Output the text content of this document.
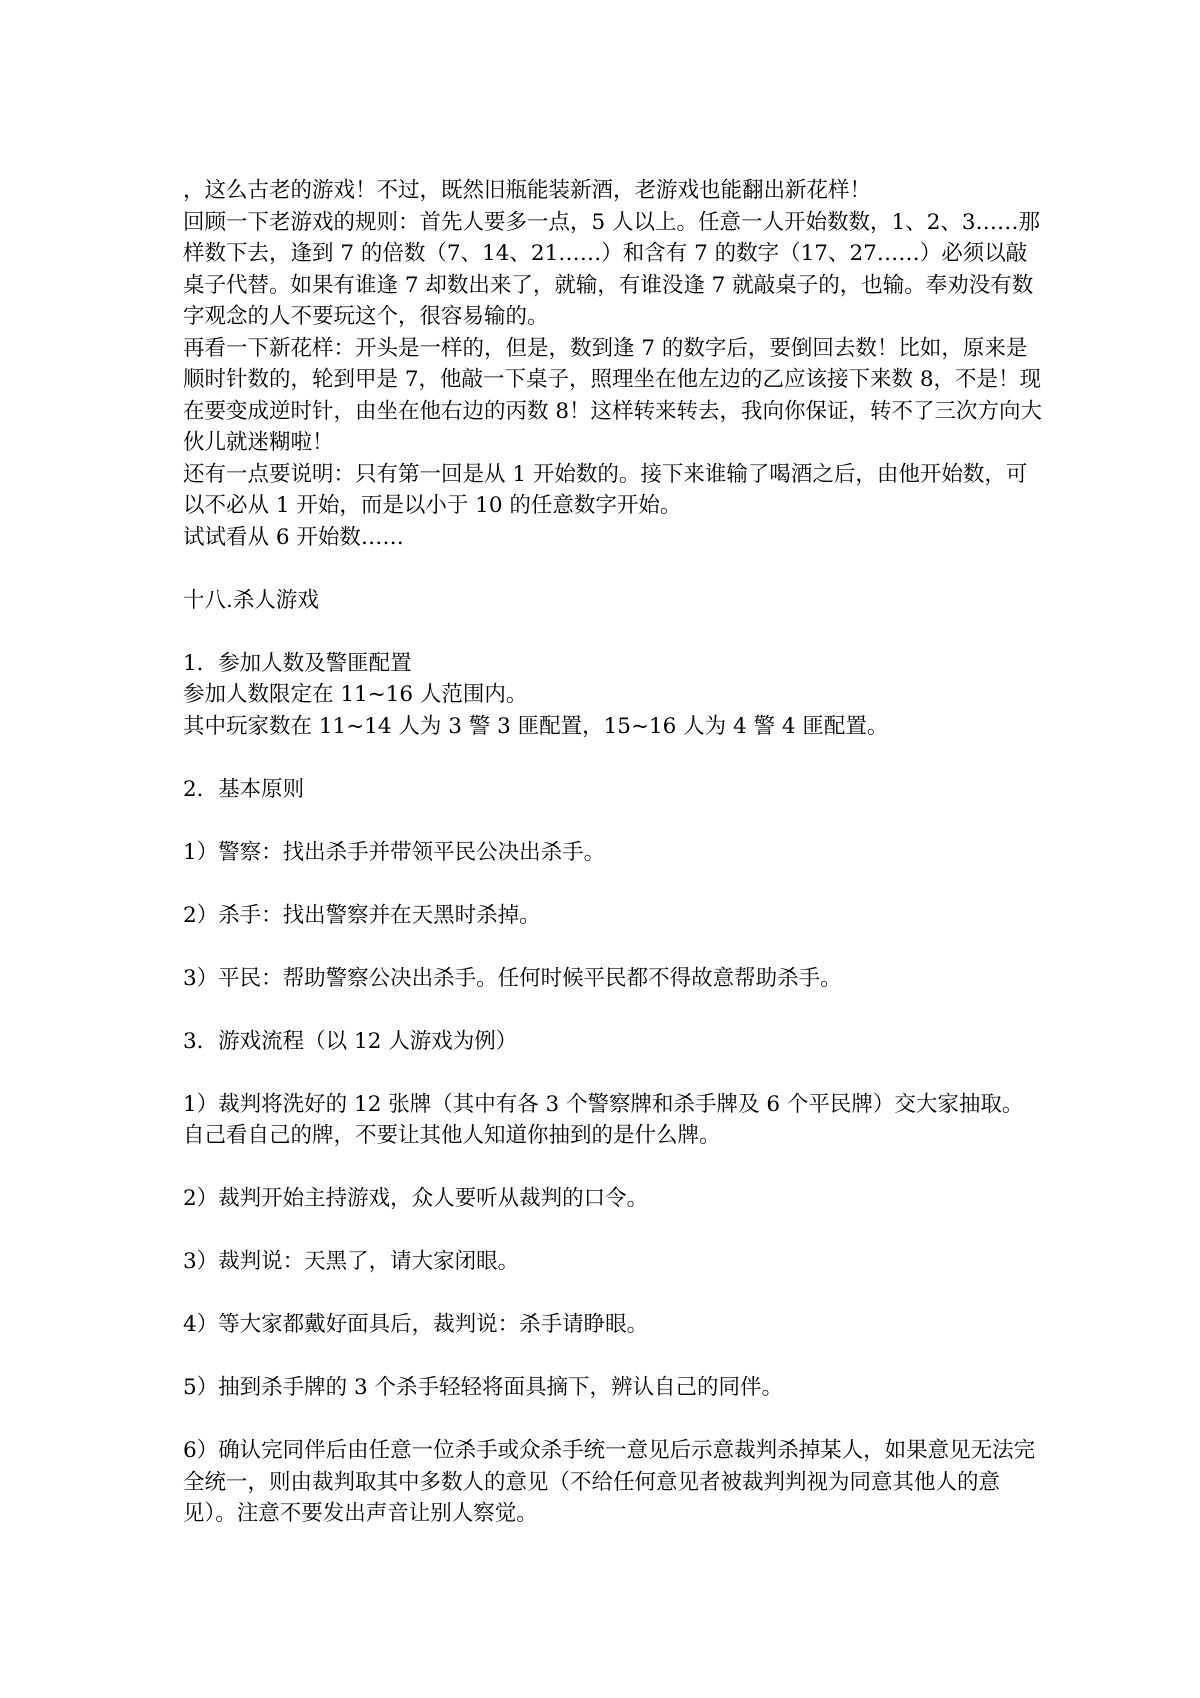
，这么古老的游戏！不过，既然旧瓶能装新酒，老游戏也能翻出新花样！

回顾一下老游戏的规则：首先人要多一点，5 人以上。任意一人开始数数，1、2、3……那样数下去，逢到 7 的倍数（7、14、21……）和含有 7 的数字（17、27……）必须以敲桌子代替。如果有谁逢 7 却数出来了，就输，有谁没逢 7 就敲桌子的，也输。奉劝没有数字观念的人不要玩这个，很容易输的。

再看一下新花样：开头是一样的，但是，数到逢 7 的数字后，要倒回去数！比如，原来是顺时针数的，轮到甲是 7，他敲一下桌子，照理坐在他左边的乙应该接下来数 8，不是！现在要变成逆时针，由坐在他右边的丙数 8！这样转来转去，我向你保证，转不了三次方向大伙儿就迷糊啦！

还有一点要说明：只有第一回是从 1 开始数的。接下来谁输了喝酒之后，由他开始数，可以不必从 1 开始，而是以小于 10 的任意数字开始。

试试看从 6 开始数……

十八.杀人游戏

1．参加人数及警匪配置

参加人数限定在 11~16 人范围内。

其中玩家数在 11~14 人为 3 警 3 匪配置，15~16 人为 4 警 4 匪配置。

2．基本原则

1）警察：找出杀手并带领平民公决出杀手。

2）杀手：找出警察并在天黑时杀掉。

3）平民：帮助警察公决出杀手。任何时候平民都不得故意帮助杀手。

3．游戏流程（以 12 人游戏为例）

1）裁判将洗好的 12 张牌（其中有各 3 个警察牌和杀手牌及 6 个平民牌）交大家抽取。自己看自己的牌，不要让其他人知道你抽到的是什么牌。

2）裁判开始主持游戏，众人要听从裁判的口令。

3）裁判说：天黑了，请大家闭眼。

4）等大家都戴好面具后，裁判说：杀手请睁眼。

5）抽到杀手牌的 3 个杀手轻轻将面具摘下，辨认自己的同伴。

6）确认完同伴后由任意一位杀手或众杀手统一意见后示意裁判杀掉某人，如果意见无法完全统一，则由裁判取其中多数人的意见（不给任何意见者被裁判判视为同意其他人的意见）。注意不要发出声音让别人察觉。
